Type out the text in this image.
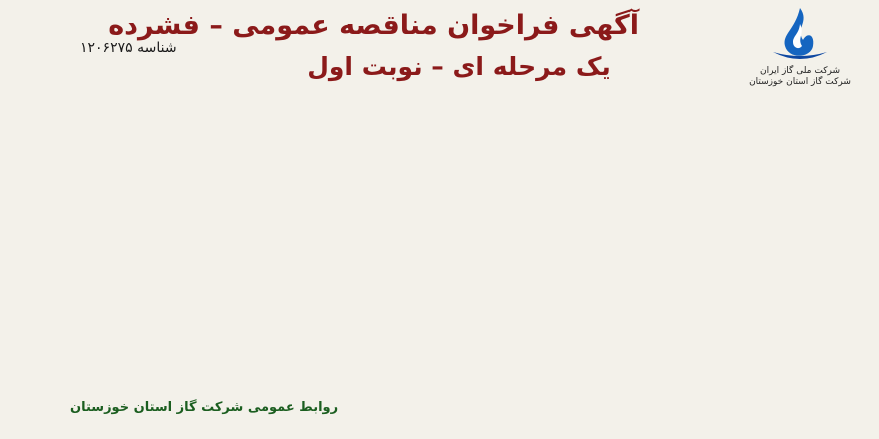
شرکت ملی گاز ایران
شرکت گاز استان خوزستان
آگهی فراخوان مناقصه عمومی – فشرده
یک مرحله ای – نوبت اول
شناسه ۱۲۰۶۲۷۵
روابط عمومی شرکت گاز استان خوزستان
